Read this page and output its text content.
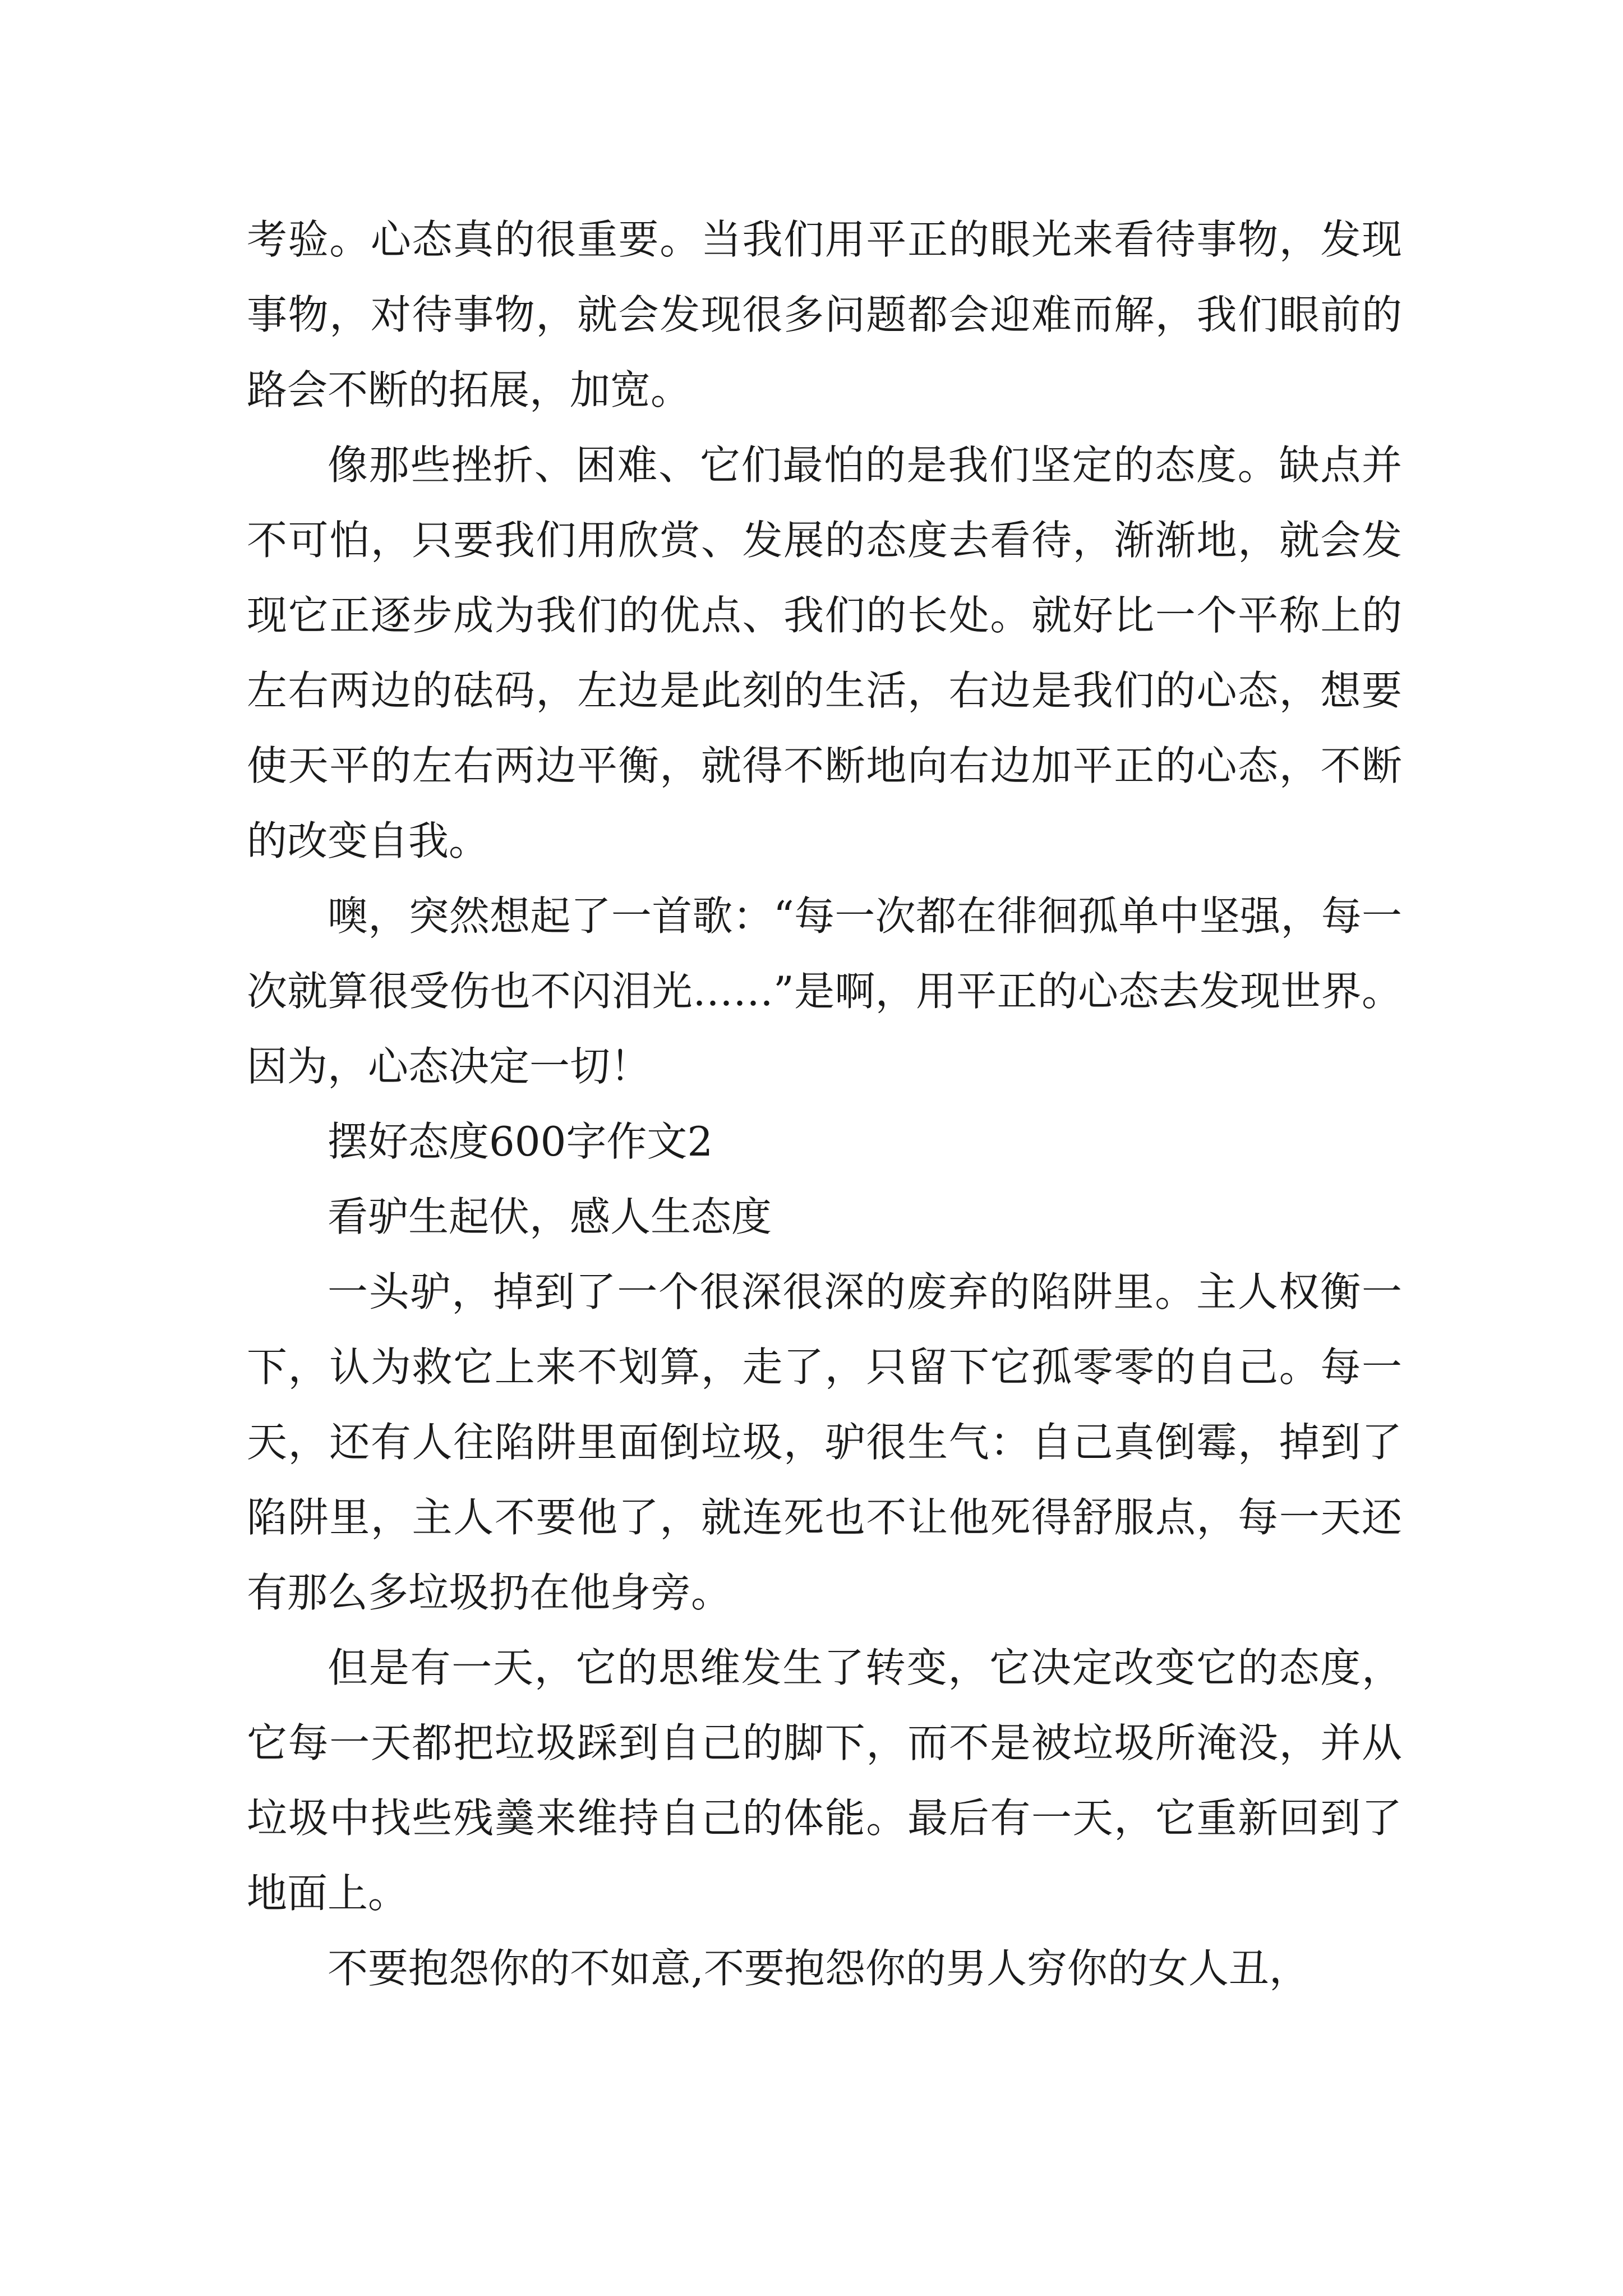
考验。心态真的很重要。当我们用平正的眼光来看待事物，发现事物，对待事物，就会发现很多问题都会迎难而解，我们眼前的路会不断的拓展，加宽。

像那些挫折、困难、它们最怕的是我们坚定的态度。缺点并不可怕，只要我们用欣赏、发展的态度去看待，渐渐地，就会发现它正逐步成为我们的优点、我们的长处。就好比一个平称上的左右两边的砝码，左边是此刻的生活，右边是我们的心态，想要使天平的左右两边平衡，就得不断地向右边加平正的心态，不断的改变自我。

噢，突然想起了一首歌：“每一次都在徘徊孤单中坚强，每一次就算很受伤也不闪泪光……”是啊，用平正的心态去发现世界。因为，心态决定一切！

摆好态度600字作文2

看驴生起伏，感人生态度

一头驴，掉到了一个很深很深的废弃的陷阱里。主人权衡一下，认为救它上来不划算，走了，只留下它孤零零的自己。每一天，还有人往陷阱里面倒垃圾，驴很生气：自己真倒霉，掉到了陷阱里，主人不要他了，就连死也不让他死得舒服点，每一天还有那么多垃圾扔在他身旁。

但是有一天，它的思维发生了转变，它决定改变它的态度，它每一天都把垃圾踩到自己的脚下，而不是被垃圾所淹没，并从垃圾中找些残羹来维持自己的体能。最后有一天，它重新回到了地面上。

不要抱怨你的不如意,不要抱怨你的男人穷你的女人丑，
